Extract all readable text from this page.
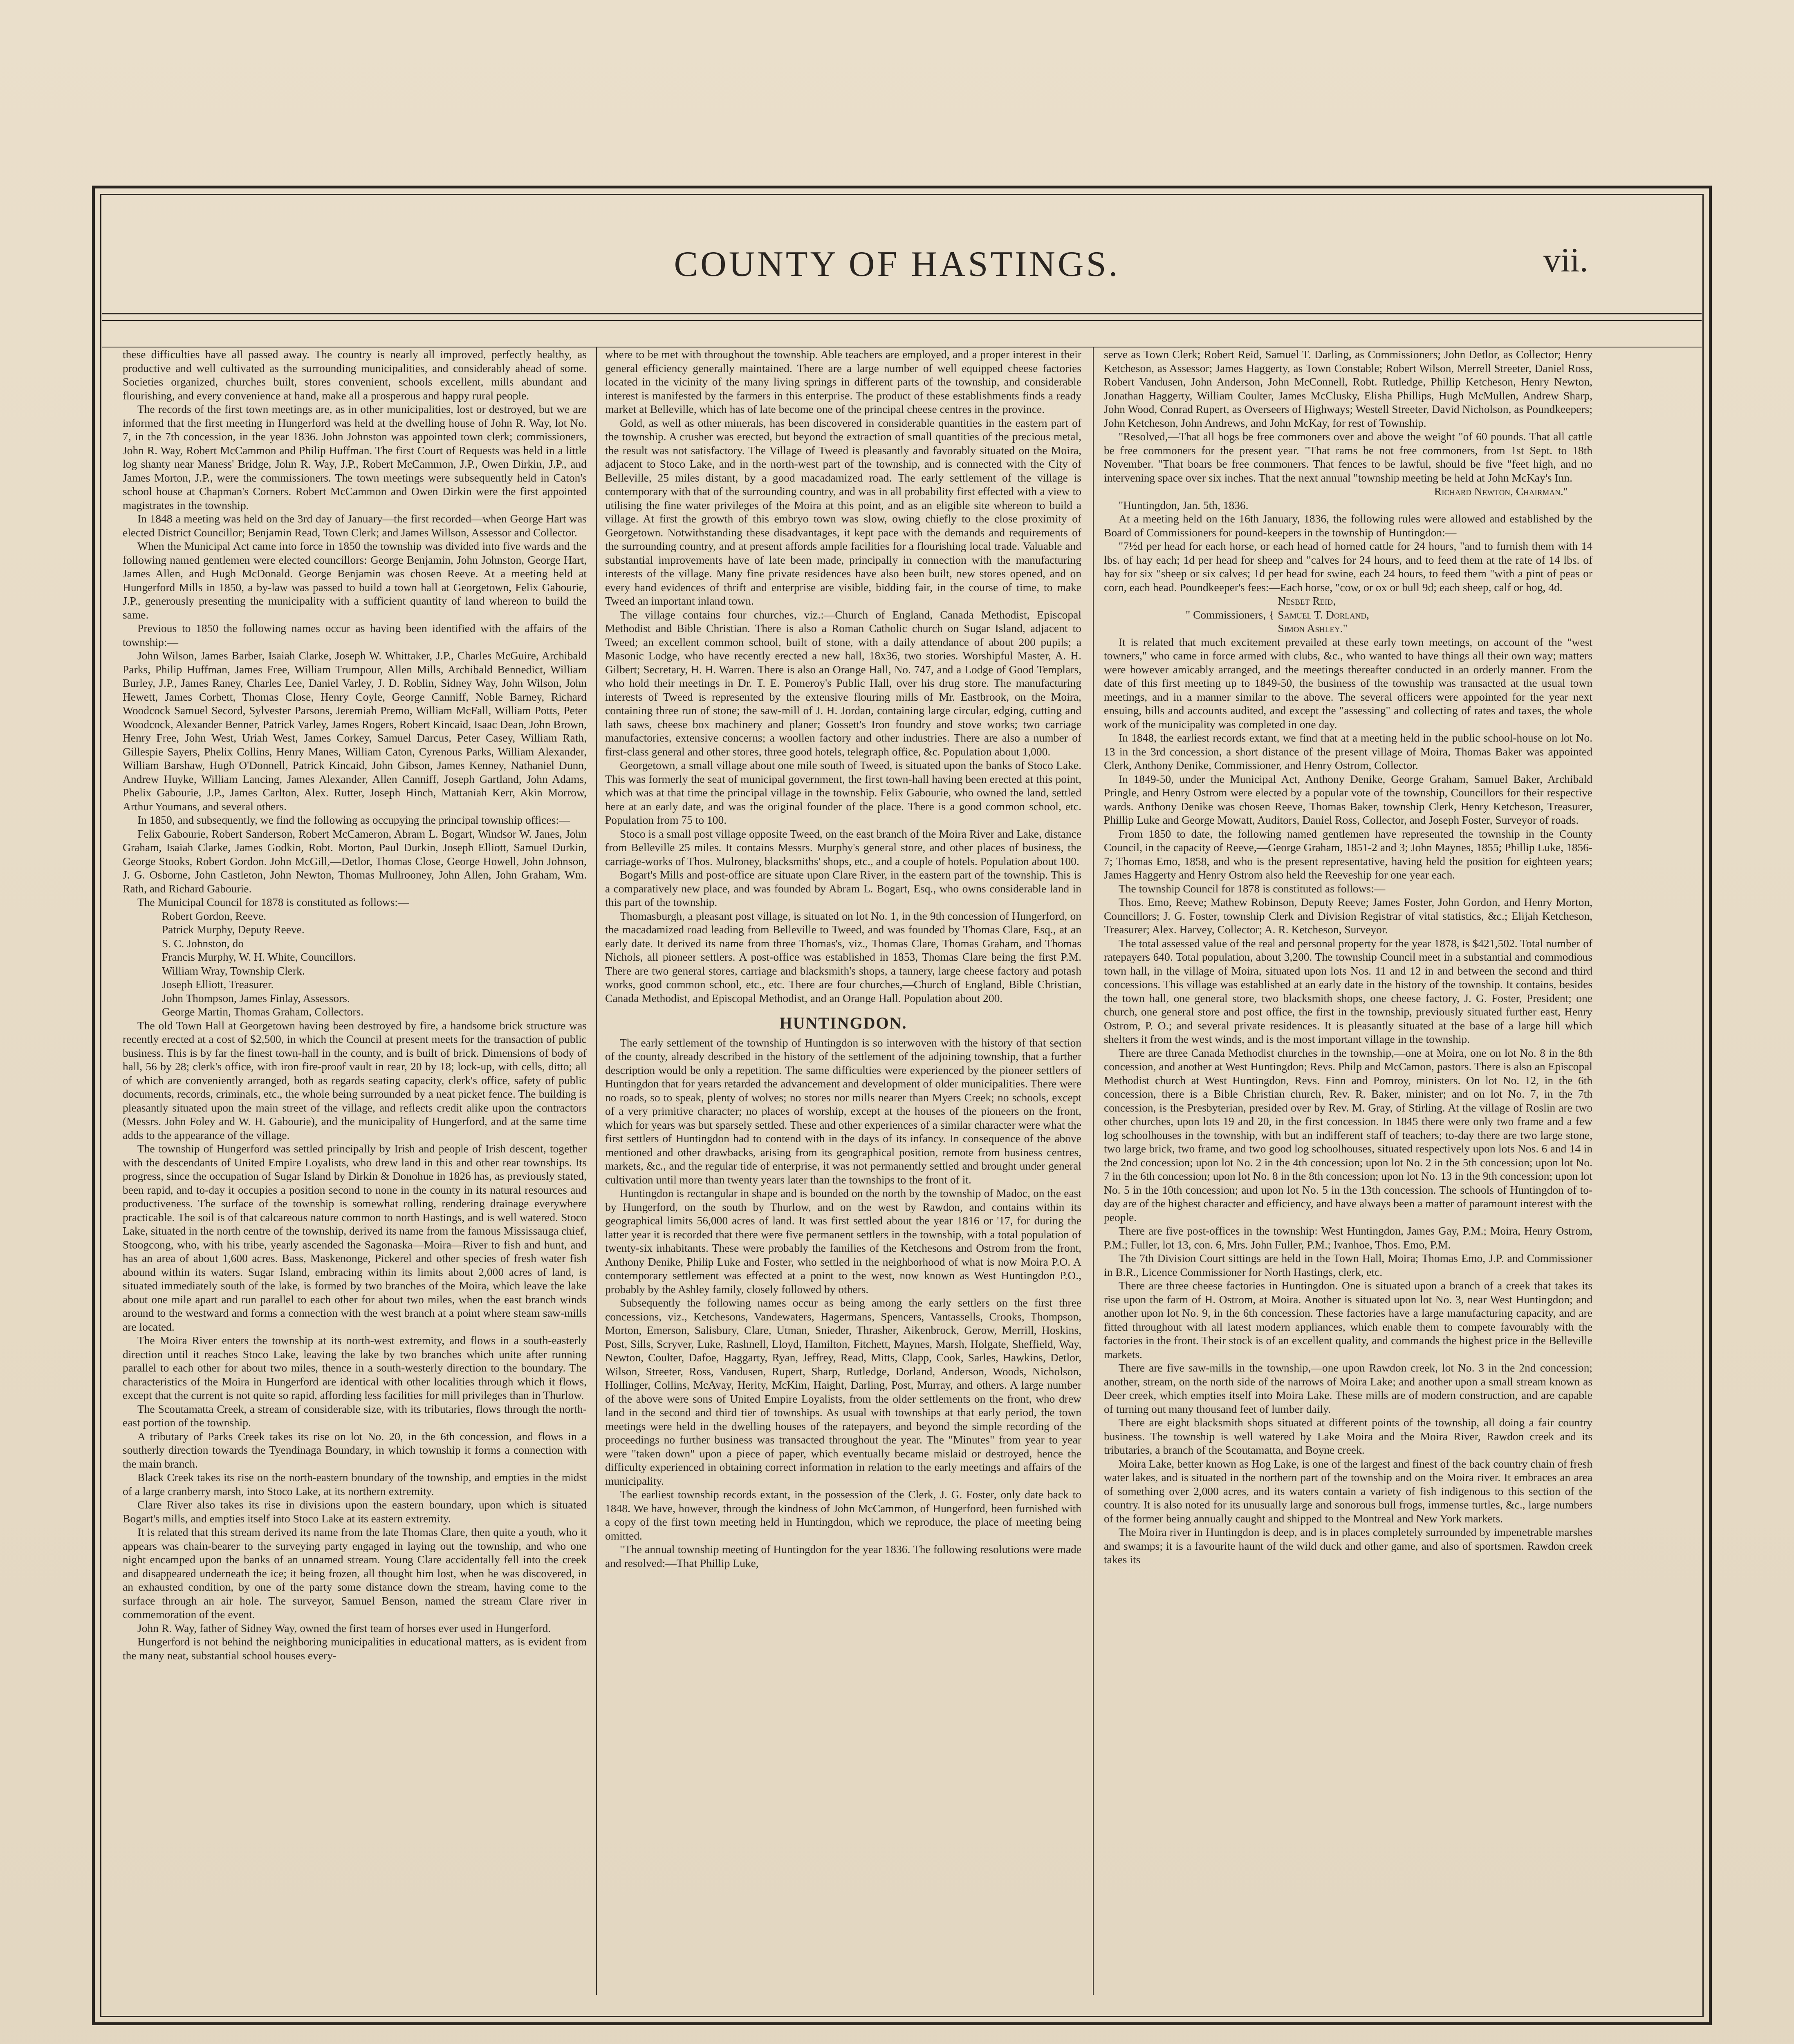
COUNTY OF HASTINGS.	vii.

these difficulties have all passed away. The country is nearly all improved, perfectly healthy, as productive and well cultivated as the surrounding municipalities, and considerably ahead of some. Societies organized, churches built, stores convenient, schools excellent, mills abundant and flourishing, and every convenience at hand, make all a prosperous and happy rural people.

The records of the first town meetings are, as in other municipalities, lost or destroyed, but we are informed that the first meeting in Hungerford was held at the dwelling house of John R. Way, lot No. 7, in the 7th concession, in the year 1836. John Johnston was appointed town clerk; commissioners, John R. Way, Robert McCammon and Philip Huffman. The first Court of Requests was held in a little log shanty near Maness' Bridge, John R. Way, J.P., Robert McCammon, J.P., Owen Dirkin, J.P., and James Morton, J.P., were the commissioners. The town meetings were subsequently held in Caton's school house at Chapman's Corners. Robert McCammon and Owen Dirkin were the first appointed magistrates in the township.

In 1848 a meeting was held on the 3rd day of January—the first recorded—when George Hart was elected District Councillor; Benjamin Read, Town Clerk; and James Willson, Assessor and Collector.

When the Municipal Act came into force in 1850 the township was divided into five wards and the following named gentlemen were elected councillors: George Benjamin, John Johnston, George Hart, James Allen, and Hugh McDonald. George Benjamin was chosen Reeve. At a meeting held at Hungerford Mills in 1850, a by-law was passed to build a town hall at Georgetown, Felix Gabourie, J.P., generously presenting the municipality with a sufficient quantity of land whereon to build the same.

Previous to 1850 the following names occur as having been identified with the affairs of the township:—

John Wilson, James Barber, Isaiah Clarke, Joseph W. Whittaker, J.P., Charles McGuire, Archibald Parks, Philip Huffman, James Free, William Trumpour, Allen Mills, Archibald Bennedict, William Burley, J.P., James Raney, Charles Lee, Daniel Varley, J. D. Roblin, Sidney Way, John Wilson, John Hewett, James Corbett, Thomas Close, Henry Coyle, George Canniff, Noble Barney, Richard Woodcock Samuel Secord, Sylvester Parsons, Jeremiah Premo, William McFall, William Potts, Peter Woodcock, Alexander Benner, Patrick Varley, James Rogers, Robert Kincaid, Isaac Dean, John Brown, Henry Free, John West, Uriah West, James Corkey, Samuel Darcus, Peter Casey, William Rath, Gillespie Sayers, Phelix Collins, Henry Manes, William Caton, Cyrenous Parks, William Alexander, William Barshaw, Hugh O'Donnell, Patrick Kincaid, John Gibson, James Kenney, Nathaniel Dunn, Andrew Huyke, William Lancing, James Alexander, Allen Canniff, Joseph Gartland, John Adams, Phelix Gabourie, J.P., James Carlton, Alex. Rutter, Joseph Hinch, Mattaniah Kerr, Akin Morrow, Arthur Youmans, and several others.

In 1850, and subsequently, we find the following as occupying the principal township offices:—

Felix Gabourie, Robert Sanderson, Robert McCameron, Abram L. Bogart, Windsor W. Janes, John Graham, Isaiah Clarke, James Godkin, Robt. Morton, Paul Durkin, Joseph Elliott, Samuel Durkin, George Stooks, Robert Gordon. John McGill,—Detlor, Thomas Close, George Howell, John Johnson, J. G. Osborne, John Castleton, John Newton, Thomas Mullrooney, John Allen, John Graham, Wm. Rath, and Richard Gabourie.

The Municipal Council for 1878 is constituted as follows:—

Robert Gordon, Reeve.

Patrick Murphy, Deputy Reeve.

S. C. Johnston, do

Francis Murphy, W. H. White, Councillors.

William Wray, Township Clerk.

Joseph Elliott, Treasurer.

John Thompson, James Finlay, Assessors.

George Martin, Thomas Graham, Collectors.

The old Town Hall at Georgetown having been destroyed by fire, a handsome brick structure was recently erected at a cost of $2,500, in which the Council at present meets for the transaction of public business. This is by far the finest town-hall in the county, and is built of brick. Dimensions of body of hall, 56 by 28; clerk's office, with iron fire-proof vault in rear, 20 by 18; lock-up, with cells, ditto; all of which are conveniently arranged, both as regards seating capacity, clerk's office, safety of public documents, records, criminals, etc., the whole being surrounded by a neat picket fence. The building is pleasantly situated upon the main street of the village, and reflects credit alike upon the contractors (Messrs. John Foley and W. H. Gabourie), and the municipality of Hungerford, and at the same time adds to the appearance of the village.

The township of Hungerford was settled principally by Irish and people of Irish descent, together with the descendants of United Empire Loyalists, who drew land in this and other rear townships. Its progress, since the occupation of Sugar Island by Dirkin & Donohue in 1826 has, as previously stated, been rapid, and to-day it occupies a position second to none in the county in its natural resources and productiveness. The surface of the township is somewhat rolling, rendering drainage everywhere practicable. The soil is of that calcareous nature common to north Hastings, and is well watered. Stoco Lake, situated in the north centre of the township, derived its name from the famous Mississauga chief, Stoogcong, who, with his tribe, yearly ascended the Sagonaska—Moira—River to fish and hunt, and has an area of about 1,600 acres. Bass, Maskenonge, Pickerel and other species of fresh water fish abound within its waters. Sugar Island, embracing within its limits about 2,000 acres of land, is situated immediately south of the lake, is formed by two branches of the Moira, which leave the lake about one mile apart and run parallel to each other for about two miles, when the east branch winds around to the westward and forms a connection with the west branch at a point where steam saw-mills are located.

The Moira River enters the township at its north-west extremity, and flows in a south-easterly direction until it reaches Stoco Lake, leaving the lake by two branches which unite after running parallel to each other for about two miles, thence in a south-westerly direction to the boundary. The characteristics of the Moira in Hungerford are identical with other localities through which it flows, except that the current is not quite so rapid, affording less facilities for mill privileges than in Thurlow.

The Scoutamatta Creek, a stream of considerable size, with its tributaries, flows through the north-east portion of the township.

A tributary of Parks Creek takes its rise on lot No. 20, in the 6th concession, and flows in a southerly direction towards the Tyendinaga Boundary, in which township it forms a connection with the main branch.

Black Creek takes its rise on the north-eastern boundary of the township, and empties in the midst of a large cranberry marsh, into Stoco Lake, at its northern extremity.

Clare River also takes its rise in divisions upon the eastern boundary, upon which is situated Bogart's mills, and empties itself into Stoco Lake at its eastern extremity.

It is related that this stream derived its name from the late Thomas Clare, then quite a youth, who it appears was chain-bearer to the surveying party engaged in laying out the township, and who one night encamped upon the banks of an unnamed stream. Young Clare accidentally fell into the creek and disappeared underneath the ice; it being frozen, all thought him lost, when he was discovered, in an exhausted condition, by one of the party some distance down the stream, having come to the surface through an air hole. The surveyor, Samuel Benson, named the stream Clare river in commemoration of the event.

John R. Way, father of Sidney Way, owned the first team of horses ever used in Hungerford.

Hungerford is not behind the neighboring municipalities in educational matters, as is evident from the many neat, substantial school houses every-

where to be met with throughout the township. Able teachers are employed, and a proper interest in their general efficiency generally maintained. There are a large number of well equipped cheese factories located in the vicinity of the many living springs in different parts of the township, and considerable interest is manifested by the farmers in this enterprise. The product of these establishments finds a ready market at Belleville, which has of late become one of the principal cheese centres in the province.

Gold, as well as other minerals, has been discovered in considerable quantities in the eastern part of the township. A crusher was erected, but beyond the extraction of small quantities of the precious metal, the result was not satisfactory. The Village of Tweed is pleasantly and favorably situated on the Moira, adjacent to Stoco Lake, and in the north-west part of the township, and is connected with the City of Belleville, 25 miles distant, by a good macadamized road. The early settlement of the village is contemporary with that of the surrounding country, and was in all probability first effected with a view to utilising the fine water privileges of the Moira at this point, and as an eligible site whereon to build a village. At first the growth of this embryo town was slow, owing chiefly to the close proximity of Georgetown. Notwithstanding these disadvantages, it kept pace with the demands and requirements of the surrounding country, and at present affords ample facilities for a flourishing local trade. Valuable and substantial improvements have of late been made, principally in connection with the manufacturing interests of the village. Many fine private residences have also been built, new stores opened, and on every hand evidences of thrift and enterprise are visible, bidding fair, in the course of time, to make Tweed an important inland town.

The village contains four churches, viz.:—Church of England, Canada Methodist, Episcopal Methodist and Bible Christian. There is also a Roman Catholic church on Sugar Island, adjacent to Tweed; an excellent common school, built of stone, with a daily attendance of about 200 pupils; a Masonic Lodge, who have recently erected a new hall, 18x36, two stories. Worshipful Master, A. H. Gilbert; Secretary, H. H. Warren. There is also an Orange Hall, No. 747, and a Lodge of Good Templars, who hold their meetings in Dr. T. E. Pomeroy's Public Hall, over his drug store. The manufacturing interests of Tweed is represented by the extensive flouring mills of Mr. Eastbrook, on the Moira, containing three run of stone; the saw-mill of J. H. Jordan, containing large circular, edging, cutting and lath saws, cheese box machinery and planer; Gossett's Iron foundry and stove works; two carriage manufactories, extensive concerns; a woollen factory and other industries. There are also a number of first-class general and other stores, three good hotels, telegraph office, &c. Population about 1,000.

Georgetown, a small village about one mile south of Tweed, is situated upon the banks of Stoco Lake. This was formerly the seat of municipal government, the first town-hall having been erected at this point, which was at that time the principal village in the township. Felix Gabourie, who owned the land, settled here at an early date, and was the original founder of the place. There is a good common school, etc. Population from 75 to 100.

Stoco is a small post village opposite Tweed, on the east branch of the Moira River and Lake, distance from Belleville 25 miles. It contains Messrs. Murphy's general store, and other places of business, the carriage-works of Thos. Mulroney, blacksmiths' shops, etc., and a couple of hotels. Population about 100.

Bogart's Mills and post-office are situate upon Clare River, in the eastern part of the township. This is a comparatively new place, and was founded by Abram L. Bogart, Esq., who owns considerable land in this part of the township.

Thomasburgh, a pleasant post village, is situated on lot No. 1, in the 9th concession of Hungerford, on the macadamized road leading from Belleville to Tweed, and was founded by Thomas Clare, Esq., at an early date. It derived its name from three Thomas's, viz., Thomas Clare, Thomas Graham, and Thomas Nichols, all pioneer settlers. A post-office was established in 1853, Thomas Clare being the first P.M. There are two general stores, carriage and blacksmith's shops, a tannery, large cheese factory and potash works, good common school, etc., etc. There are four churches,—Church of England, Bible Christian, Canada Methodist, and Episcopal Methodist, and an Orange Hall. Population about 200.

HUNTINGDON.

The early settlement of the township of Huntingdon is so interwoven with the history of that section of the county, already described in the history of the settlement of the adjoining township, that a further description would be only a repetition. The same difficulties were experienced by the pioneer settlers of Huntingdon that for years retarded the advancement and development of older municipalities. There were no roads, so to speak, plenty of wolves; no stores nor mills nearer than Myers Creek; no schools, except of a very primitive character; no places of worship, except at the houses of the pioneers on the front, which for years was but sparsely settled. These and other experiences of a similar character were what the first settlers of Huntingdon had to contend with in the days of its infancy. In consequence of the above mentioned and other drawbacks, arising from its geographical position, remote from business centres, markets, &c., and the regular tide of enterprise, it was not permanently settled and brought under general cultivation until more than twenty years later than the townships to the front of it.

Huntingdon is rectangular in shape and is bounded on the north by the township of Madoc, on the east by Hungerford, on the south by Thurlow, and on the west by Rawdon, and contains within its geographical limits 56,000 acres of land. It was first settled about the year 1816 or '17, for during the latter year it is recorded that there were five permanent settlers in the township, with a total population of twenty-six inhabitants. These were probably the families of the Ketchesons and Ostrom from the front, Anthony Denike, Philip Luke and Foster, who settled in the neighborhood of what is now Moira P.O. A contemporary settlement was effected at a point to the west, now known as West Huntingdon P.O., probably by the Ashley family, closely followed by others.

Subsequently the following names occur as being among the early settlers on the first three concessions, viz., Ketchesons, Vandewaters, Hagermans, Spencers, Vantassells, Crooks, Thompson, Morton, Emerson, Salisbury, Clare, Utman, Snieder, Thrasher, Aikenbrock, Gerow, Merrill, Hoskins, Post, Sills, Scryver, Luke, Rashnell, Lloyd, Hamilton, Fitchett, Maynes, Marsh, Holgate, Sheffield, Way, Newton, Coulter, Dafoe, Haggarty, Ryan, Jeffrey, Read, Mitts, Clapp, Cook, Sarles, Hawkins, Detlor, Wilson, Streeter, Ross, Vandusen, Rupert, Sharp, Rutledge, Dorland, Anderson, Woods, Nicholson, Hollinger, Collins, McAvay, Herity, McKim, Haight, Darling, Post, Murray, and others. A large number of the above were sons of United Empire Loyalists, from the older settlements on the front, who drew land in the second and third tier of townships. As usual with townships at that early period, the town meetings were held in the dwelling houses of the ratepayers, and beyond the simple recording of the proceedings no further business was transacted throughout the year. The "Minutes" from year to year were "taken down" upon a piece of paper, which eventually became mislaid or destroyed, hence the difficulty experienced in obtaining correct information in relation to the early meetings and affairs of the municipality.

The earliest township records extant, in the possession of the Clerk, J. G. Foster, only date back to 1848. We have, however, through the kindness of John McCammon, of Hungerford, been furnished with a copy of the first town meeting held in Huntingdon, which we reproduce, the place of meeting being omitted.

"The annual township meeting of Huntingdon for the year 1836. The following resolutions were made and resolved:—That Phillip Luke,

serve as Town Clerk; Robert Reid, Samuel T. Darling, as Commissioners; John Detlor, as Collector; Henry Ketcheson, as Assessor; James Haggerty, as Town Constable; Robert Wilson, Merrell Streeter, Daniel Ross, Robert Vandusen, John Anderson, John McConnell, Robt. Rutledge, Phillip Ketcheson, Henry Newton, Jonathan Haggerty, William Coulter, James McClusky, Elisha Phillips, Hugh McMullen, Andrew Sharp, John Wood, Conrad Rupert, as Overseers of Highways; Westell Streeter, David Nicholson, as Poundkeepers; John Ketcheson, John Andrews, and John McKay, for rest of Township.

"Resolved,—That all hogs be free commoners over and above the weight "of 60 pounds. That all cattle be free commoners for the present year. "That rams be not free commoners, from 1st Sept. to 18th November. "That boars be free commoners. That fences to be lawful, should be five "feet high, and no intervening space over six inches. That the next annual "township meeting be held at John McKay's Inn.

Richard Newton, Chairman."

"Huntingdon, Jan. 5th, 1836.

At a meeting held on the 16th January, 1836, the following rules were allowed and established by the Board of Commissioners for pound-keepers in the township of Huntingdon:—

"7½d per head for each horse, or each head of horned cattle for 24 hours, "and to furnish them with 14 lbs. of hay each; 1d per head for sheep and "calves for 24 hours, and to feed them at the rate of 14 lbs. of hay for six "sheep or six calves; 1d per head for swine, each 24 hours, to feed them "with a pint of peas or corn, each head. Poundkeeper's fees:—Each horse, "cow, or ox or bull 9d; each sheep, calf or hog, 4d.

" Commissioners,	{	
Nesbet Reid,
Samuel T. Dorland,
Simon Ashley."

It is related that much excitement prevailed at these early town meetings, on account of the "west towners," who came in force armed with clubs, &c., who wanted to have things all their own way; matters were however amicably arranged, and the meetings thereafter conducted in an orderly manner. From the date of this first meeting up to 1849-50, the business of the township was transacted at the usual town meetings, and in a manner similar to the above. The several officers were appointed for the year next ensuing, bills and accounts audited, and except the "assessing" and collecting of rates and taxes, the whole work of the municipality was completed in one day.

In 1848, the earliest records extant, we find that at a meeting held in the public school-house on lot No. 13 in the 3rd concession, a short distance of the present village of Moira, Thomas Baker was appointed Clerk, Anthony Denike, Commissioner, and Henry Ostrom, Collector.

In 1849-50, under the Municipal Act, Anthony Denike, George Graham, Samuel Baker, Archibald Pringle, and Henry Ostrom were elected by a popular vote of the township, Councillors for their respective wards. Anthony Denike was chosen Reeve, Thomas Baker, township Clerk, Henry Ketcheson, Treasurer, Phillip Luke and George Mowatt, Auditors, Daniel Ross, Collector, and Joseph Foster, Surveyor of roads.

From 1850 to date, the following named gentlemen have represented the township in the County Council, in the capacity of Reeve,—George Graham, 1851-2 and 3; John Maynes, 1855; Phillip Luke, 1856-7; Thomas Emo, 1858, and who is the present representative, having held the position for eighteen years; James Haggerty and Henry Ostrom also held the Reeveship for one year each.

The township Council for 1878 is constituted as follows:—

Thos. Emo, Reeve; Mathew Robinson, Deputy Reeve; James Foster, John Gordon, and Henry Morton, Councillors; J. G. Foster, township Clerk and Division Registrar of vital statistics, &c.; Elijah Ketcheson, Treasurer; Alex. Harvey, Collector; A. R. Ketcheson, Surveyor.

The total assessed value of the real and personal property for the year 1878, is $421,502. Total number of ratepayers 640. Total population, about 3,200. The township Council meet in a substantial and commodious town hall, in the village of Moira, situated upon lots Nos. 11 and 12 in and between the second and third concessions. This village was established at an early date in the history of the township. It contains, besides the town hall, one general store, two blacksmith shops, one cheese factory, J. G. Foster, President; one church, one general store and post office, the first in the township, previously situated further east, Henry Ostrom, P. O.; and several private residences. It is pleasantly situated at the base of a large hill which shelters it from the west winds, and is the most important village in the township.

There are three Canada Methodist churches in the township,—one at Moira, one on lot No. 8 in the 8th concession, and another at West Huntingdon; Revs. Philp and McCamon, pastors. There is also an Episcopal Methodist church at West Huntingdon, Revs. Finn and Pomroy, ministers. On lot No. 12, in the 6th concession, there is a Bible Christian church, Rev. R. Baker, minister; and on lot No. 7, in the 7th concession, is the Presbyterian, presided over by Rev. M. Gray, of Stirling. At the village of Roslin are two other churches, upon lots 19 and 20, in the first concession. In 1845 there were only two frame and a few log schoolhouses in the township, with but an indifferent staff of teachers; to-day there are two large stone, two large brick, two frame, and two good log schoolhouses, situated respectively upon lots Nos. 6 and 14 in the 2nd concession; upon lot No. 2 in the 4th concession; upon lot No. 2 in the 5th concession; upon lot No. 7 in the 6th concession; upon lot No. 8 in the 8th concession; upon lot No. 13 in the 9th concession; upon lot No. 5 in the 10th concession; and upon lot No. 5 in the 13th concession. The schools of Huntingdon of to-day are of the highest character and efficiency, and have always been a matter of paramount interest with the people.

There are five post-offices in the township: West Huntingdon, James Gay, P.M.; Moira, Henry Ostrom, P.M.; Fuller, lot 13, con. 6, Mrs. John Fuller, P.M.; Ivanhoe, Thos. Emo, P.M.

The 7th Division Court sittings are held in the Town Hall, Moira; Thomas Emo, J.P. and Commissioner in B.R., Licence Commissioner for North Hastings, clerk, etc.

There are three cheese factories in Huntingdon. One is situated upon a branch of a creek that takes its rise upon the farm of H. Ostrom, at Moira. Another is situated upon lot No. 3, near West Huntingdon; and another upon lot No. 9, in the 6th concession. These factories have a large manufacturing capacity, and are fitted throughout with all latest modern appliances, which enable them to compete favourably with the factories in the front. Their stock is of an excellent quality, and commands the highest price in the Belleville markets.

There are five saw-mills in the township,—one upon Rawdon creek, lot No. 3 in the 2nd concession; another, stream, on the north side of the narrows of Moira Lake; and another upon a small stream known as Deer creek, which empties itself into Moira Lake. These mills are of modern construction, and are capable of turning out many thousand feet of lumber daily.

There are eight blacksmith shops situated at different points of the township, all doing a fair country business. The township is well watered by Lake Moira and the Moira River, Rawdon creek and its tributaries, a branch of the Scoutamatta, and Boyne creek.

Moira Lake, better known as Hog Lake, is one of the largest and finest of the back country chain of fresh water lakes, and is situated in the northern part of the township and on the Moira river. It embraces an area of something over 2,000 acres, and its waters contain a variety of fish indigenous to this section of the country. It is also noted for its unusually large and sonorous bull frogs, immense turtles, &c., large numbers of the former being annually caught and shipped to the Montreal and New York markets.

The Moira river in Huntingdon is deep, and is in places completely surrounded by impenetrable marshes and swamps; it is a favourite haunt of the wild duck and other game, and also of sportsmen. Rawdon creek takes its
